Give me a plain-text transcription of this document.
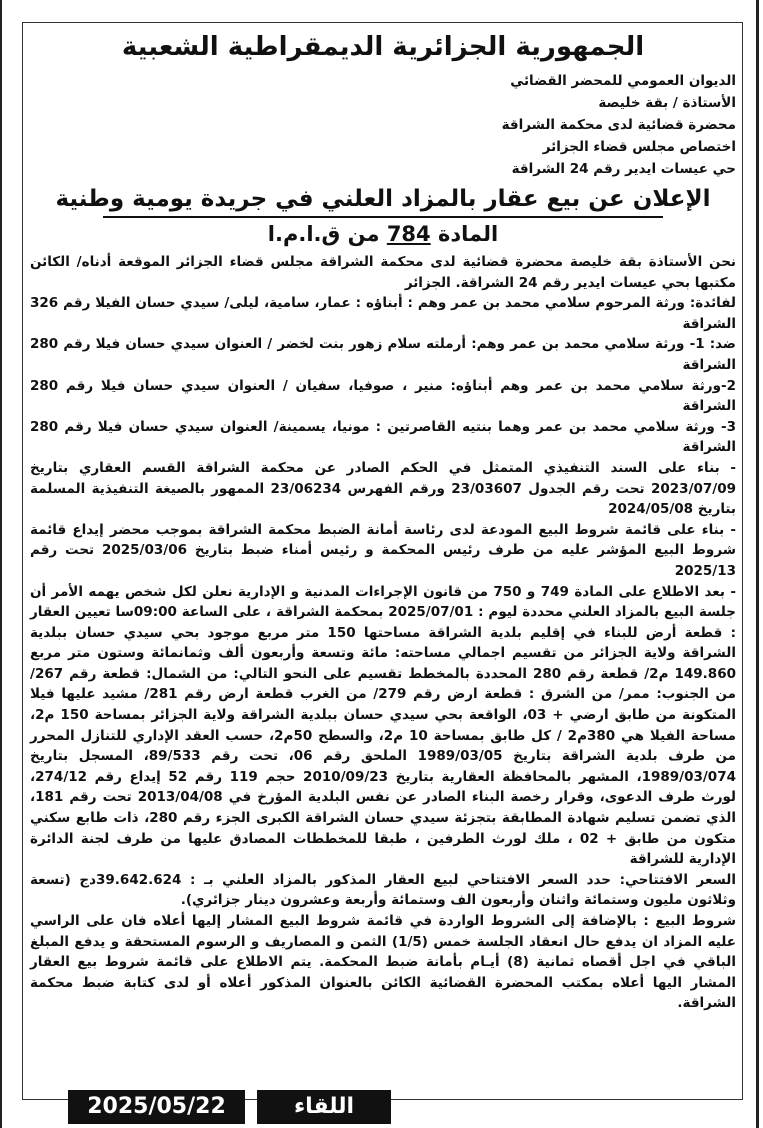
الجمهورية الجزائرية الديمقراطية الشعبية

الديوان العمومي للمحضر القضائي

الأستاذة / بقة خليصة

محضرة قضائية لدى محكمة الشراقة

اختصاص مجلس قضاء الجزائر

حي عيسات ايدير رقم 24 الشراقة

الإعلان عن بيع عقار بالمزاد العلني في جريدة يومية وطنية

المادة 784 من ق.ا.م.ا

نحن الأستاذة بقة خليصة محضرة قضائية لدى محكمة الشراقة مجلس قضاء الجزائر الموقعة أدناه/ الكائن مكتبها بحي عيسات ايدير رقم 24 الشراقة. الجزائر

لفائدة: ورثة المرحوم سلامي محمد بن عمر وهم : أبناؤه : عمار، سامية، ليلى/ سيدي حسان الفيلا رقم 326 الشراقة

ضد: 1- ورثة سلامي محمد بن عمر وهم: أرملته سلام زهور بنت لخضر / العنوان سيدي حسان فيلا رقم 280 الشراقة

2-ورثة سلامي محمد بن عمر وهم أبناؤه: منير ، صوفيا، سفيان / العنوان سيدي حسان فيلا رقم 280 الشراقة

3- ورثة سلامي محمد بن عمر وهما بنتيه القاصرتين : مونيا، يسمينة/ العنوان سيدي حسان فيلا رقم 280 الشراقة

- بناء على السند التنفيذي المتمثل في الحكم الصادر عن محكمة الشراقة القسم العقاري بتاريخ 2023/07/09 تحت رقم الجدول 23/03607 ورقم الفهرس 23/06234 الممهور بالصيغة التنفيذية المسلمة بتاريخ 2024/05/08

- بناء على قائمة شروط البيع المودعة لدى رئاسة أمانة الضبط محكمة الشراقة بموجب محضر إيداع قائمة شروط البيع المؤشر عليه من طرف رئيس المحكمة و رئيس أمناء ضبط بتاريخ 2025/03/06 تحت رقم 2025/13

- بعد الاطلاع على المادة 749 و 750 من قانون الإجراءات المدنية و الإدارية نعلن لكل شخص يهمه الأمر أن جلسة البيع بالمزاد العلني محددة ليوم : 2025/07/01 بمحكمة الشراقة ، على الساعة 09:00سا تعيين العقار : قطعة أرض للبناء في إقليم بلدية الشراقة مساحتها 150 متر مربع موجود بحي سيدي حسان ببلدية الشراقة ولاية الجزائر من تقسيم اجمالي مساحته: مائة وتسعة وأربعون ألف وثمانمائة وستون متر مربع 149.860 م2/ قطعة رقم 280 المحددة بالمخطط تقسيم على النحو التالي: من الشمال: قطعة رقم 267/ من الجنوب: ممر/ من الشرق : قطعة ارض رقم 279/ من الغرب قطعة ارض رقم 281/ مشيد عليها فيلا المتكونة من طابق ارضي + 03، الواقعة بحي سيدي حسان ببلدية الشراقة ولاية الجزائر بمساحة 150 م2، مساحة الفيلا هي 380م2 / كل طابق بمساحة 10 م2، والسطح 50م2، حسب العقد الإداري للتنازل المحرر من طرف بلدية الشراقة بتاريخ 1989/03/05 الملحق رقم 06، تحت رقم 89/533، المسجل بتاريخ 1989/03/074، المشهر بالمحافظة العقارية بتاريخ 2010/09/23 حجم 119 رقم 52 إيداع رقم 274/12، لورث طرف الدعوى، وقرار رخصة البناء الصادر عن نفس البلدية المؤرخ في 2013/04/08 تحت رقم 181، الذي تضمن تسليم شهادة المطابقة بتجزئة سيدي حسان الشراقة الكبرى الجزء رقم 280، ذات طابع سكني متكون من طابق + 02 ، ملك لورث الطرفين ، طبقا للمخططات المصادق عليها من طرف لجنة الدائرة الإدارية للشراقة

السعر الافتتاحي: حدد السعر الافتتاحي لبيع العقار المذكور بالمزاد العلني بـ : 39.642.624دج (تسعة وثلاثون مليون وستمائة واثنان وأربعون الف وستمائة وأربعة وعشرون دينار جزائري).

شروط البيع : بالإضافة إلى الشروط الواردة في قائمة شروط البيع المشار إليها أعلاه فان على الراسي عليه المزاد ان يدفع حال انعقاد الجلسة خمس (1/5) الثمن و المصاريف و الرسوم المستحقة و يدفع المبلغ الباقي في اجل أقصاه ثمانية (8) أيـام بأمانة ضبط المحكمة. يتم الاطلاع على قائمة شروط بيع العقار المشار اليها أعلاه بمكتب المحضرة القضائية الكائن بالعنوان المذكور أعلاه أو لدى كتابة ضبط محكمة الشراقة.

2025/05/22	اللقاء
